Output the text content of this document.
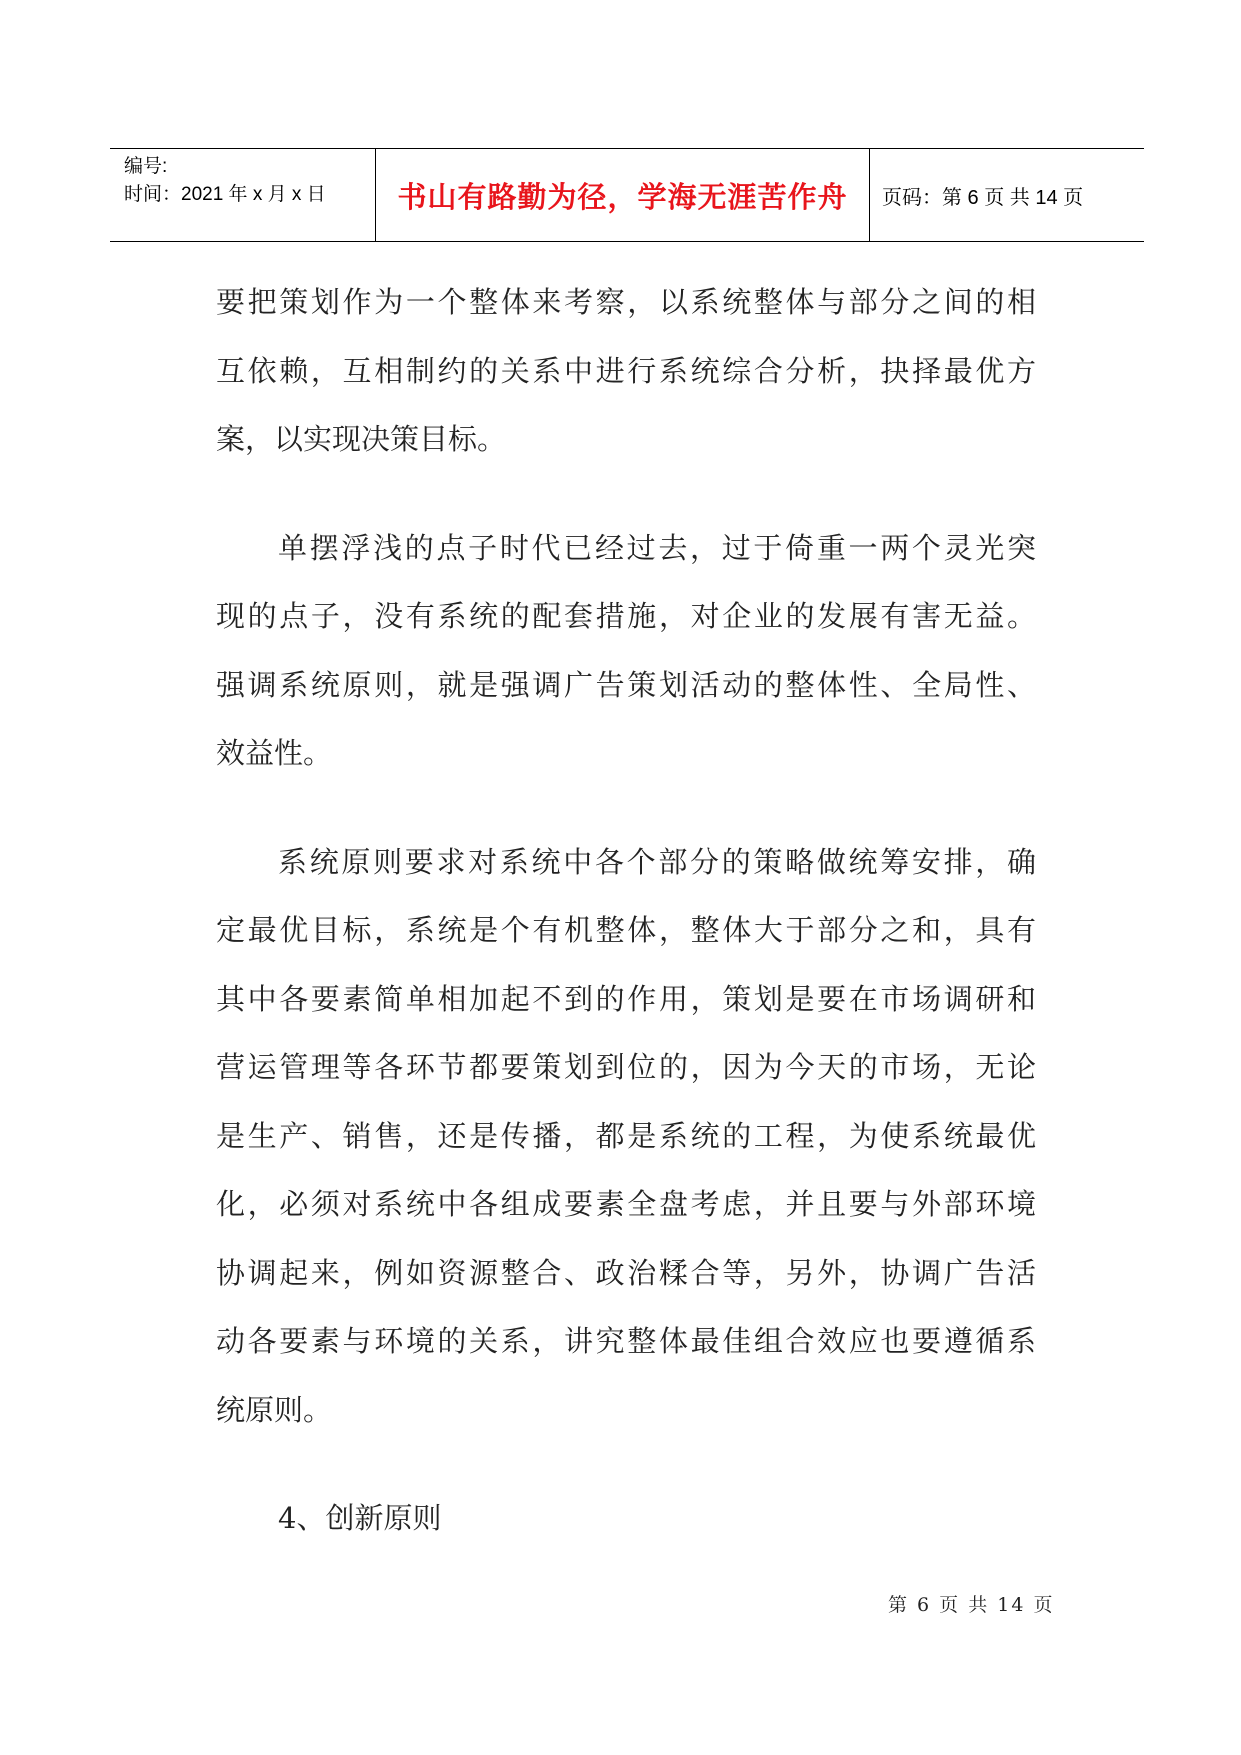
编号:
时间：2021 年 x 月 x 日	书山有路勤为径，学海无涯苦作舟	页码：第 6 页 共 14 页

要把策划作为一个整体来考察，以系统整体与部分之间的相
互依赖，互相制约的关系中进行系统综合分析，抉择最优方
案，以实现决策目标。

单摆浮浅的点子时代已经过去，过于倚重一两个灵光突
现的点子，没有系统的配套措施，对企业的发展有害无益。
强调系统原则，就是强调广告策划活动的整体性、全局性、
效益性。

系统原则要求对系统中各个部分的策略做统筹安排，确
定最优目标，系统是个有机整体，整体大于部分之和，具有
其中各要素简单相加起不到的作用，策划是要在市场调研和
营运管理等各环节都要策划到位的，因为今天的市场，无论
是生产、销售，还是传播，都是系统的工程，为使系统最优
化，必须对系统中各组成要素全盘考虑，并且要与外部环境
协调起来，例如资源整合、政治糅合等，另外，协调广告活
动各要素与环境的关系，讲究整体最佳组合效应也要遵循系
统原则。

4、创新原则

第 6 页 共 14 页
